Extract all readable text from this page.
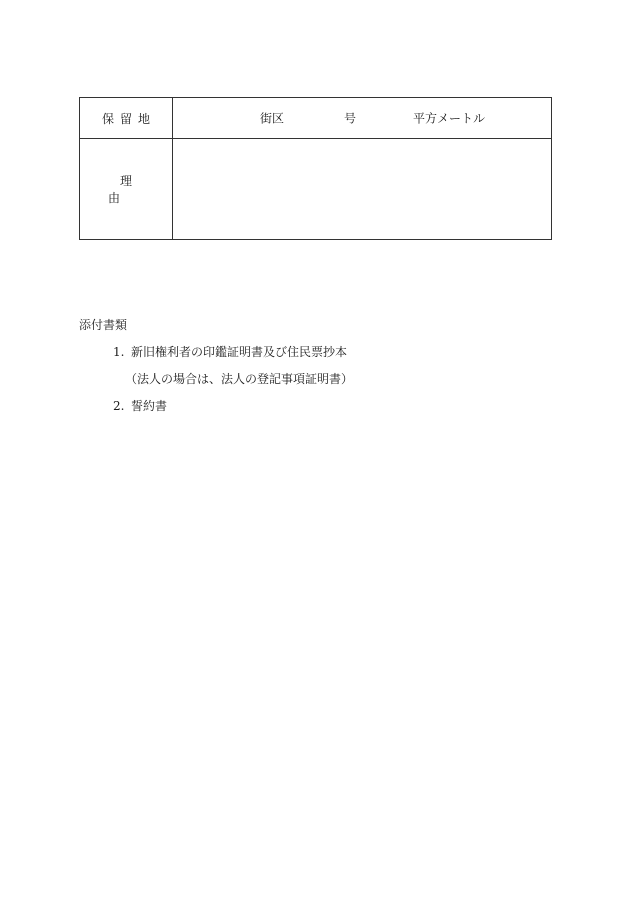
保留地	街区 号 平方メートル

理由	
添付書類
1. 新旧権利者の印鑑証明書及び住民票抄本
（法人の場合は、法人の登記事項証明書）
2. 誓約書
